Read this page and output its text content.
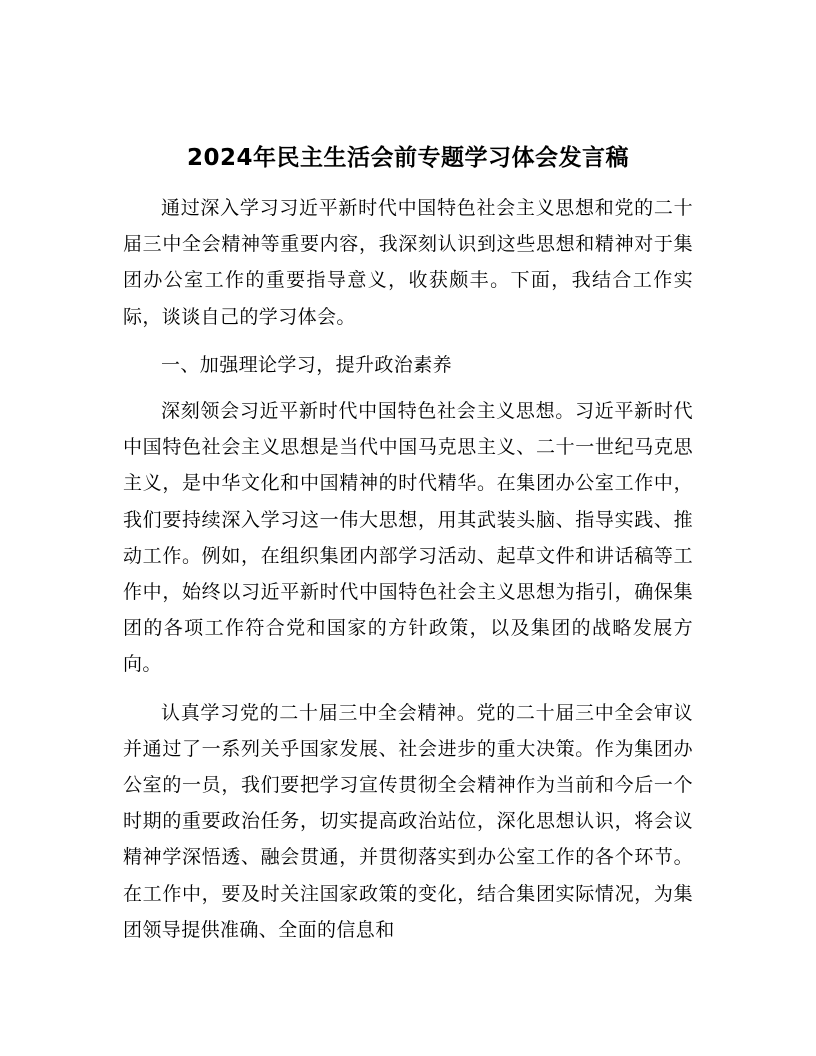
2024年民主生活会前专题学习体会发言稿

通过深入学习习近平新时代中国特色社会主义思想和党的二十届三中全会精神等重要内容，我深刻认识到这些思想和精神对于集团办公室工作的重要指导意义，收获颇丰。下面，我结合工作实际，谈谈自己的学习体会。

一、加强理论学习，提升政治素养

深刻领会习近平新时代中国特色社会主义思想。习近平新时代中国特色社会主义思想是当代中国马克思主义、二十一世纪马克思主义，是中华文化和中国精神的时代精华。在集团办公室工作中，我们要持续深入学习这一伟大思想，用其武装头脑、指导实践、推动工作。例如，在组织集团内部学习活动、起草文件和讲话稿等工作中，始终以习近平新时代中国特色社会主义思想为指引，确保集团的各项工作符合党和国家的方针政策，以及集团的战略发展方向。

认真学习党的二十届三中全会精神。党的二十届三中全会审议并通过了一系列关乎国家发展、社会进步的重大决策。作为集团办公室的一员，我们要把学习宣传贯彻全会精神作为当前和今后一个时期的重要政治任务，切实提高政治站位，深化思想认识，将会议精神学深悟透、融会贯通，并贯彻落实到办公室工作的各个环节。在工作中，要及时关注国家政策的变化，结合集团实际情况，为集团领导提供准确、全面的信息和
